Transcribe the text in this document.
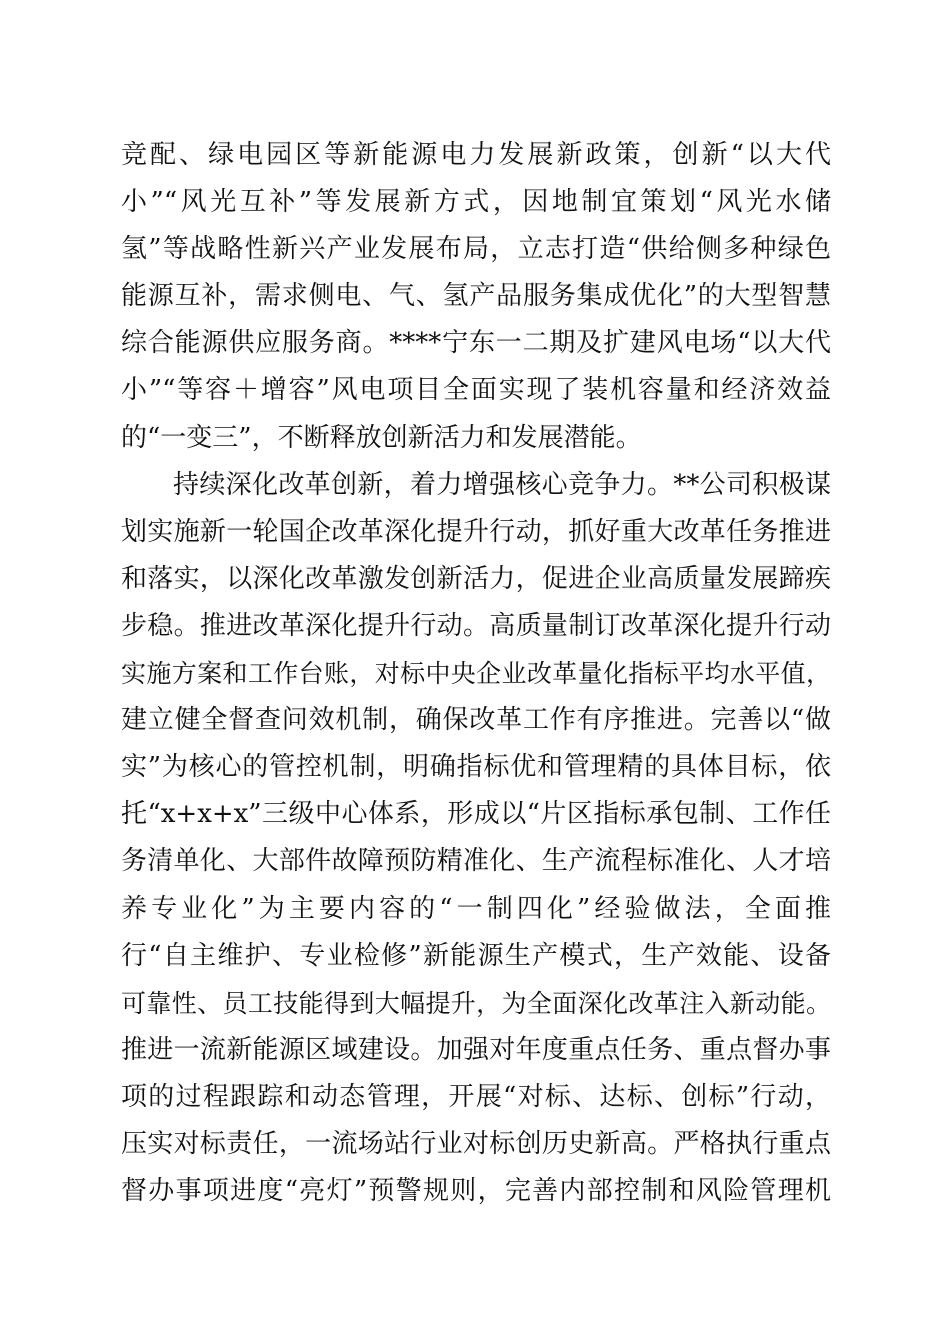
竞配、绿电园区等新能源电力发展新政策，创新“以大代
小”“风光互补”等发展新方式，因地制宜策划“风光水储
氢”等战略性新兴产业发展布局，立志打造“供给侧多种绿色
能源互补，需求侧电、气、氢产品服务集成优化”的大型智慧
综合能源供应服务商。****宁东一二期及扩建风电场“以大代
小”“等容＋增容”风电项目全面实现了装机容量和经济效益
的“一变三”，不断释放创新活力和发展潜能。
持续深化改革创新，着力增强核心竞争力。**公司积极谋
划实施新一轮国企改革深化提升行动，抓好重大改革任务推进
和落实，以深化改革激发创新活力，促进企业高质量发展蹄疾
步稳。推进改革深化提升行动。高质量制订改革深化提升行动
实施方案和工作台账，对标中央企业改革量化指标平均水平值，
建立健全督查问效机制，确保改革工作有序推进。完善以“做
实”为核心的管控机制，明确指标优和管理精的具体目标，依
托“x+x+x”三级中心体系，形成以“片区指标承包制、工作任
务清单化、大部件故障预防精准化、生产流程标准化、人才培
养专业化”为主要内容的“一制四化”经验做法，全面推
行“自主维护、专业检修”新能源生产模式，生产效能、设备
可靠性、员工技能得到大幅提升，为全面深化改革注入新动能。
推进一流新能源区域建设。加强对年度重点任务、重点督办事
项的过程跟踪和动态管理，开展“对标、达标、创标”行动，
压实对标责任，一流场站行业对标创历史新高。严格执行重点
督办事项进度“亮灯”预警规则，完善内部控制和风险管理机
